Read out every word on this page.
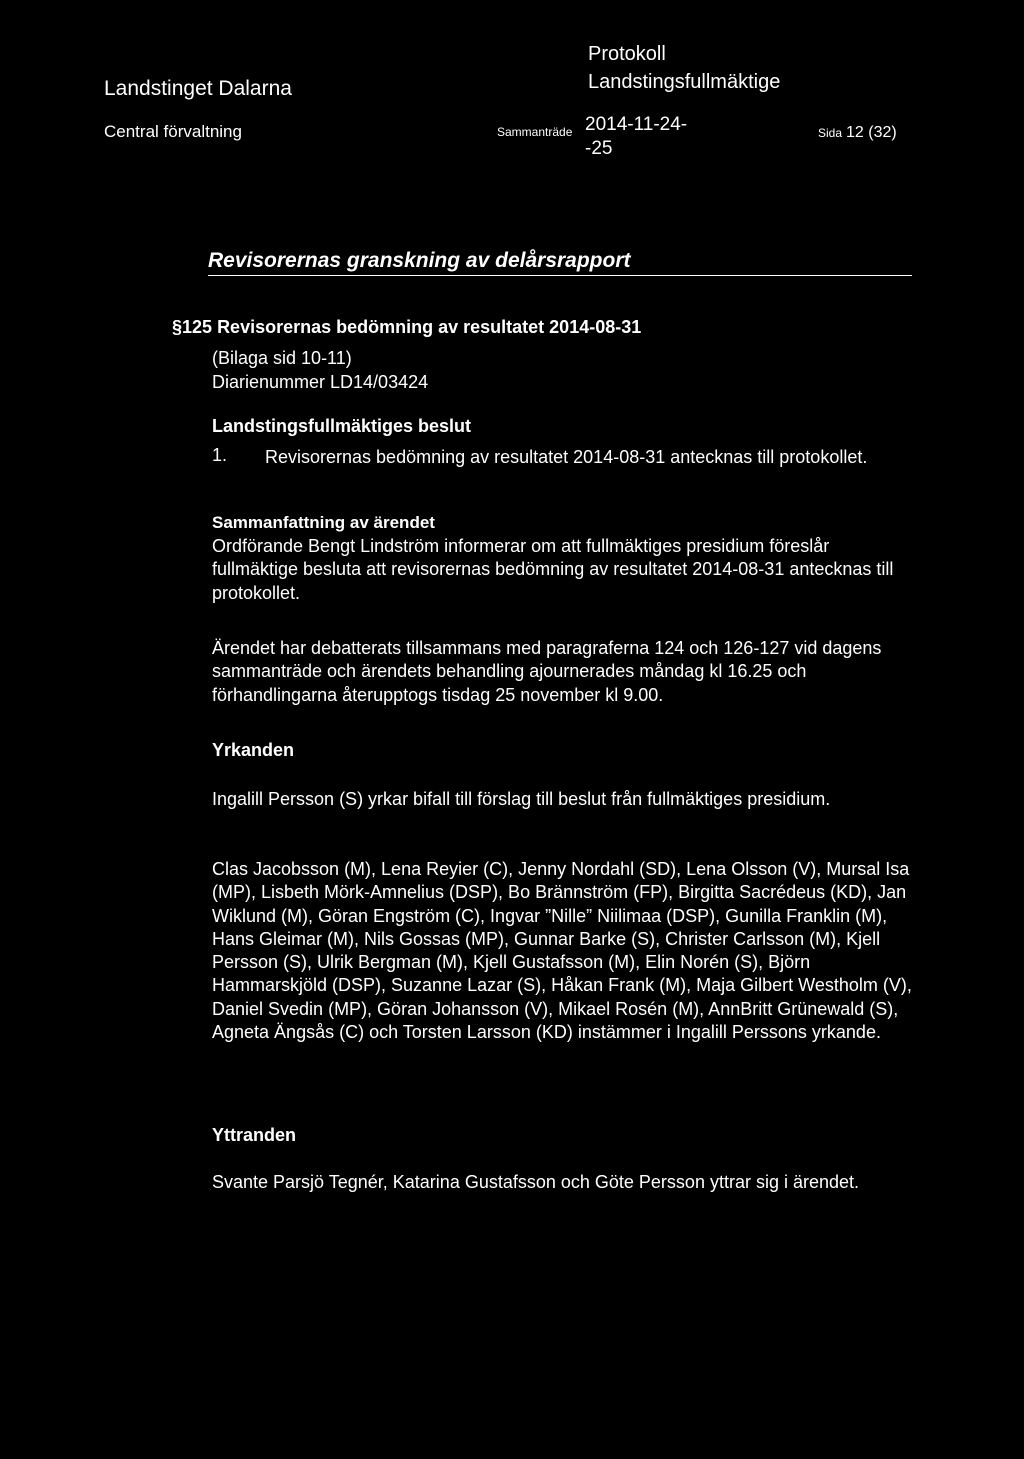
Landstinget Dalarna
Protokoll
Landstingsfullmäktige
Central förvaltning	Sammanträde 2014-11-24-
-25
Sida 12 (32)
Revisorernas granskning av delårsrapport
§125 Revisorernas bedömning av resultatet 2014-08-31
(Bilaga sid 10-11)
Diarienummer LD14/03424
Landstingsfullmäktiges beslut
1. Revisorernas bedömning av resultatet 2014-08-31 antecknas till protokollet.
Sammanfattning av ärendet

Ordförande Bengt Lindström informerar om att fullmäktiges presidium föreslår fullmäktige besluta att revisorernas bedömning av resultatet 2014-08-31 antecknas till protokollet.

Ärendet har debatterats tillsammans med paragraferna 124 och 126-127 vid dagens sammanträde och ärendets behandling ajournerades måndag kl 16.25 och förhandlingarna återupptogs tisdag 25 november kl 9.00.

Yrkanden

Ingalill Persson (S) yrkar bifall till förslag till beslut från fullmäktiges presidium.

Clas Jacobsson (M), Lena Reyier (C), Jenny Nordahl (SD), Lena Olsson (V), Mursal Isa (MP), Lisbeth Mörk-Amnelius (DSP), Bo Brännström (FP), Birgitta Sacrédeus (KD), Jan Wiklund (M), Göran Engström (C), Ingvar ”Nille” Niilimaa (DSP), Gunilla Franklin (M), Hans Gleimar (M), Nils Gossas (MP), Gunnar Barke (S), Christer Carlsson (M), Kjell Persson (S), Ulrik Bergman (M), Kjell Gustafsson (M), Elin Norén (S), Björn Hammarskjöld (DSP), Suzanne Lazar (S), Håkan Frank (M), Maja Gilbert Westholm (V), Daniel Svedin (MP), Göran Johansson (V), Mikael Rosén (M), AnnBritt Grünewald (S), Agneta Ängsås (C) och Torsten Larsson (KD) instämmer i Ingalill Perssons yrkande.

Yttranden

Svante Parsjö Tegnér, Katarina Gustafsson och Göte Persson yttrar sig i ärendet.
